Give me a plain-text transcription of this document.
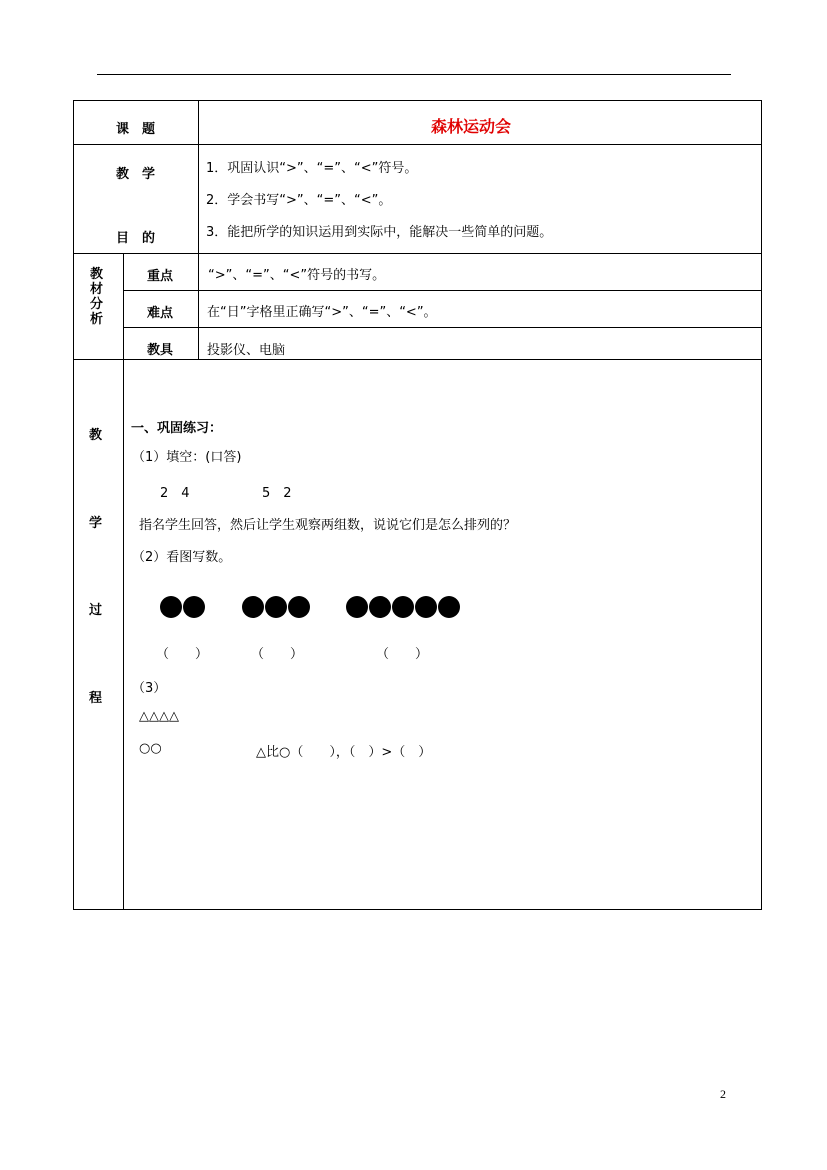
课　题	森林运动会
教　学
目　的
1．巩固认识“>”、“=”、“<”符号。
2．学会书写“>”、“=”、“<”。
3．能把所学的知识运用到实际中，能解决一些简单的问题。
教
材
分
析
重点	“>”、“=”、“<”符号的书写。
难点	在“日”字格里正确写“>”、“=”、“<”。
教具	投影仪、电脑
教
学
过
程
一、巩固练习：
（1）填空：(口答)
2　4	5　2
指名学生回答，然后让学生观察两组数，说说它们是怎么排列的？
（2）看图写数。
（　　）	（　　）	（　　）
（3）
△△△△
○○	△比○（　　），（　）>（　）
2
